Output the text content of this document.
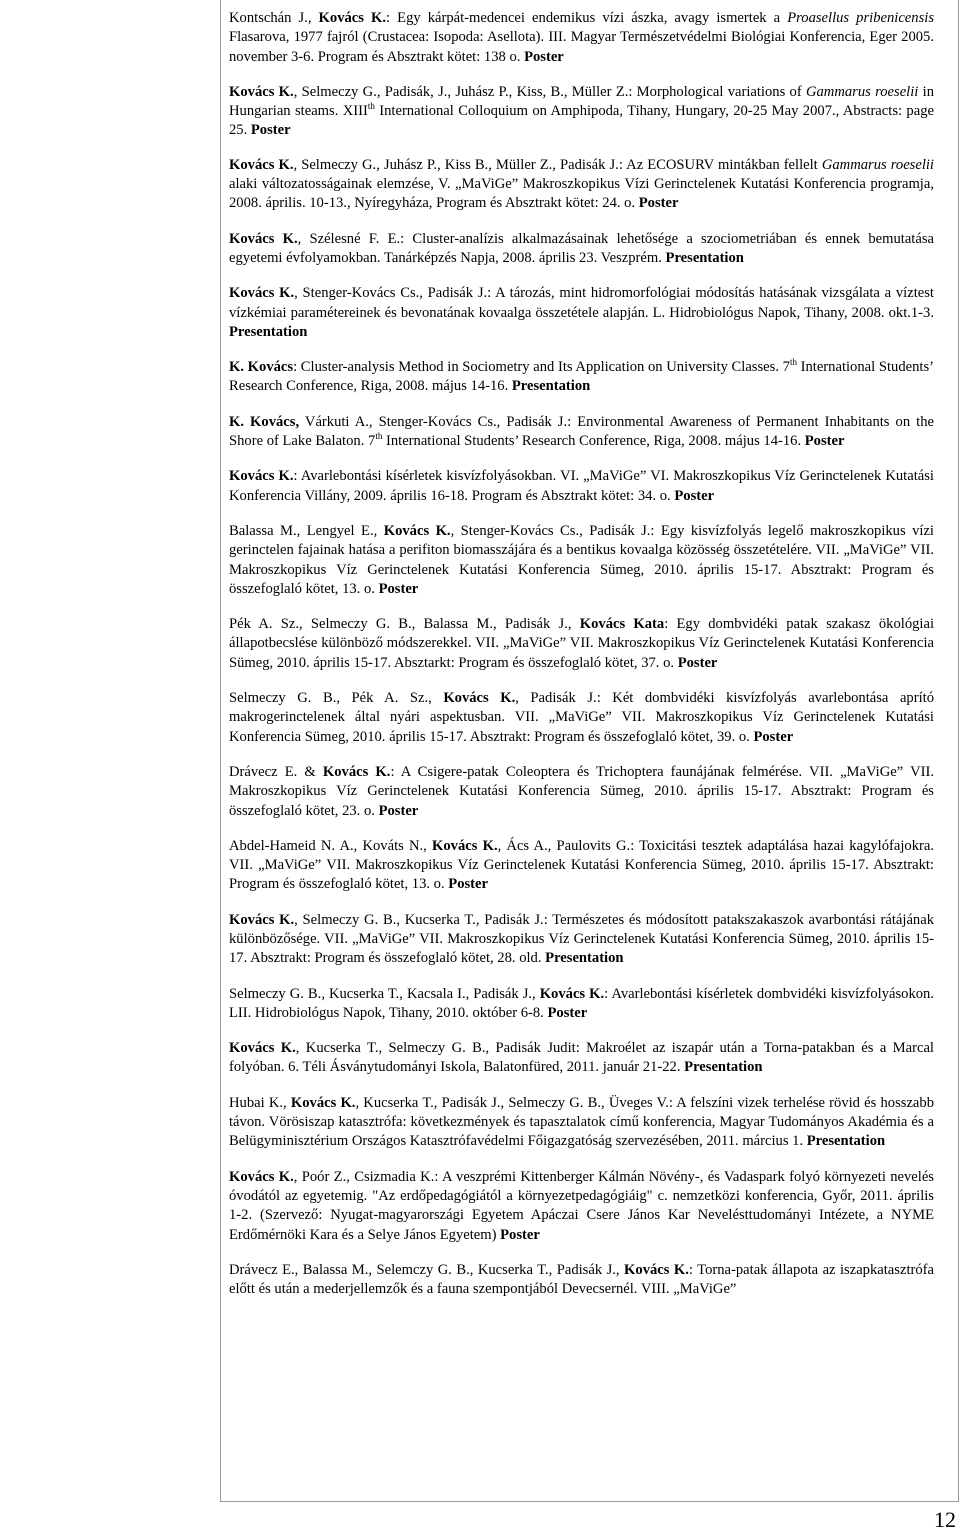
Kontschán J., Kovács K.: Egy kárpát-medencei endemikus vízi ászka, avagy ismertek a Proasellus pribenicensis Flasarova, 1977 fajról (Crustacea: Isopoda: Asellota). III. Magyar Természetvédelmi Biológiai Konferencia, Eger 2005. november 3-6. Program és Absztrakt kötet: 138 o. Poster

Kovács K., Selmeczy G., Padisák, J., Juhász P., Kiss, B., Müller Z.: Morphological variations of Gammarus roeselii in Hungarian steams. XIIIth International Colloquium on Amphipoda, Tihany, Hungary, 20-25 May 2007., Abstracts: page 25. Poster

Kovács K., Selmeczy G., Juhász P., Kiss B., Müller Z., Padisák J.: Az ECOSURV mintákban fellelt Gammarus roeselii alaki változatosságainak elemzése, V. „MaViGe” Makroszkopikus Vízi Gerinctelenek Kutatási Konferencia programja, 2008. április. 10-13., Nyíregyháza, Program és Absztrakt kötet: 24. o. Poster

Kovács K., Szélesné F. E.: Cluster-analízis alkalmazásainak lehetősége a szociometriában és ennek bemutatása egyetemi évfolyamokban. Tanárképzés Napja, 2008. április 23. Veszprém. Presentation

Kovács K., Stenger-Kovács Cs., Padisák J.: A tározás, mint hidromorfológiai módosítás hatásának vizsgálata a víztest vízkémiai paramétereinek és bevonatának kovaalga összetétele alapján. L. Hidrobiológus Napok, Tihany, 2008. okt.1-3. Presentation

K. Kovács: Cluster-analysis Method in Sociometry and Its Application on University Classes. 7th International Students’ Research Conference, Riga, 2008. május 14-16. Presentation

K. Kovács, Várkuti A., Stenger-Kovács Cs., Padisák J.: Environmental Awareness of Permanent Inhabitants on the Shore of Lake Balaton. 7th International Students’ Research Conference, Riga, 2008. május 14-16. Poster

Kovács K.: Avarlebontási kísérletek kisvízfolyásokban. VI. „MaViGe” VI. Makroszkopikus Víz Gerinctelenek Kutatási Konferencia Villány, 2009. április 16-18. Program és Absztrakt kötet: 34. o. Poster

Balassa M., Lengyel E., Kovács K., Stenger-Kovács Cs., Padisák J.: Egy kisvízfolyás legelő makroszkopikus vízi gerinctelen fajainak hatása a perifiton biomasszájára és a bentikus kovaalga közösség összetételére. VII. „MaViGe” VII. Makroszkopikus Víz Gerinctelenek Kutatási Konferencia Sümeg, 2010. április 15-17. Absztrakt: Program és összefoglaló kötet, 13. o. Poster

Pék A. Sz., Selmeczy G. B., Balassa M., Padisák J., Kovács Kata: Egy dombvidéki patak szakasz ökológiai állapotbecslése különböző módszerekkel. VII. „MaViGe” VII. Makroszkopikus Víz Gerinctelenek Kutatási Konferencia Sümeg, 2010. április 15-17. Absztarkt: Program és összefoglaló kötet, 37. o. Poster

Selmeczy G. B., Pék A. Sz., Kovács K., Padisák J.: Két dombvidéki kisvízfolyás avarlebontása aprító makrogerinctelenek által nyári aspektusban. VII. „MaViGe” VII. Makroszkopikus Víz Gerinctelenek Kutatási Konferencia Sümeg, 2010. április 15-17. Absztrakt: Program és összefoglaló kötet, 39. o. Poster

Drávecz E. & Kovács K.: A Csigere-patak Coleoptera és Trichoptera faunájának felmérése. VII. „MaViGe” VII. Makroszkopikus Víz Gerinctelenek Kutatási Konferencia Sümeg, 2010. április 15-17. Absztrakt: Program és összefoglaló kötet, 23. o. Poster

Abdel-Hameid N. A., Kováts N., Kovács K., Ács A., Paulovits G.: Toxicitási tesztek adaptálása hazai kagylófajokra. VII. „MaViGe” VII. Makroszkopikus Víz Gerinctelenek Kutatási Konferencia Sümeg, 2010. április 15-17. Absztrakt: Program és összefoglaló kötet, 13. o. Poster

Kovács K., Selmeczy G. B., Kucserka T., Padisák J.: Természetes és módosított patakszakaszok avarbontási rátájának különbözősége. VII. „MaViGe” VII. Makroszkopikus Víz Gerinctelenek Kutatási Konferencia Sümeg, 2010. április 15-17. Absztrakt: Program és összefoglaló kötet, 28. old. Presentation

Selmeczy G. B., Kucserka T., Kacsala I., Padisák J., Kovács K.: Avarlebontási kísérletek dombvidéki kisvízfolyásokon. LII. Hidrobiológus Napok, Tihany, 2010. október 6-8. Poster

Kovács K., Kucserka T., Selmeczy G. B., Padisák Judit: Makroélet az iszapár után a Torna-patakban és a Marcal folyóban. 6. Téli Ásványtudományi Iskola, Balatonfüred, 2011. január 21-22. Presentation

Hubai K., Kovács K., Kucserka T., Padisák J., Selmeczy G. B., Üveges V.: A felszíni vizek terhelése rövid és hosszabb távon. Vörösiszap katasztrófa: következmények és tapasztalatok című konferencia, Magyar Tudományos Akadémia és a Belügyminisztérium Országos Katasztrófavédelmi Főigazgatóság szervezésében, 2011. március 1. Presentation

Kovács K., Poór Z., Csizmadia K.: A veszprémi Kittenberger Kálmán Növény-, és Vadaspark folyó környezeti nevelés óvodától az egyetemig. "Az erdőpedagógiától a környezetpedagógiáig" c. nemzetközi konferencia, Győr, 2011. április 1-2. (Szervező: Nyugat-magyarországi Egyetem Apáczai Csere János Kar Nevelésttudományi Intézete, a NYME Erdőmérnöki Kara és a Selye János Egyetem) Poster

Drávecz E., Balassa M., Selemczy G. B., Kucserka T., Padisák J., Kovács K.: Torna-patak állapota az iszapkatasztrófa előtt és után a mederjellemzők és a fauna szempontjából Devecsernél. VIII. „MaViGe”

12
